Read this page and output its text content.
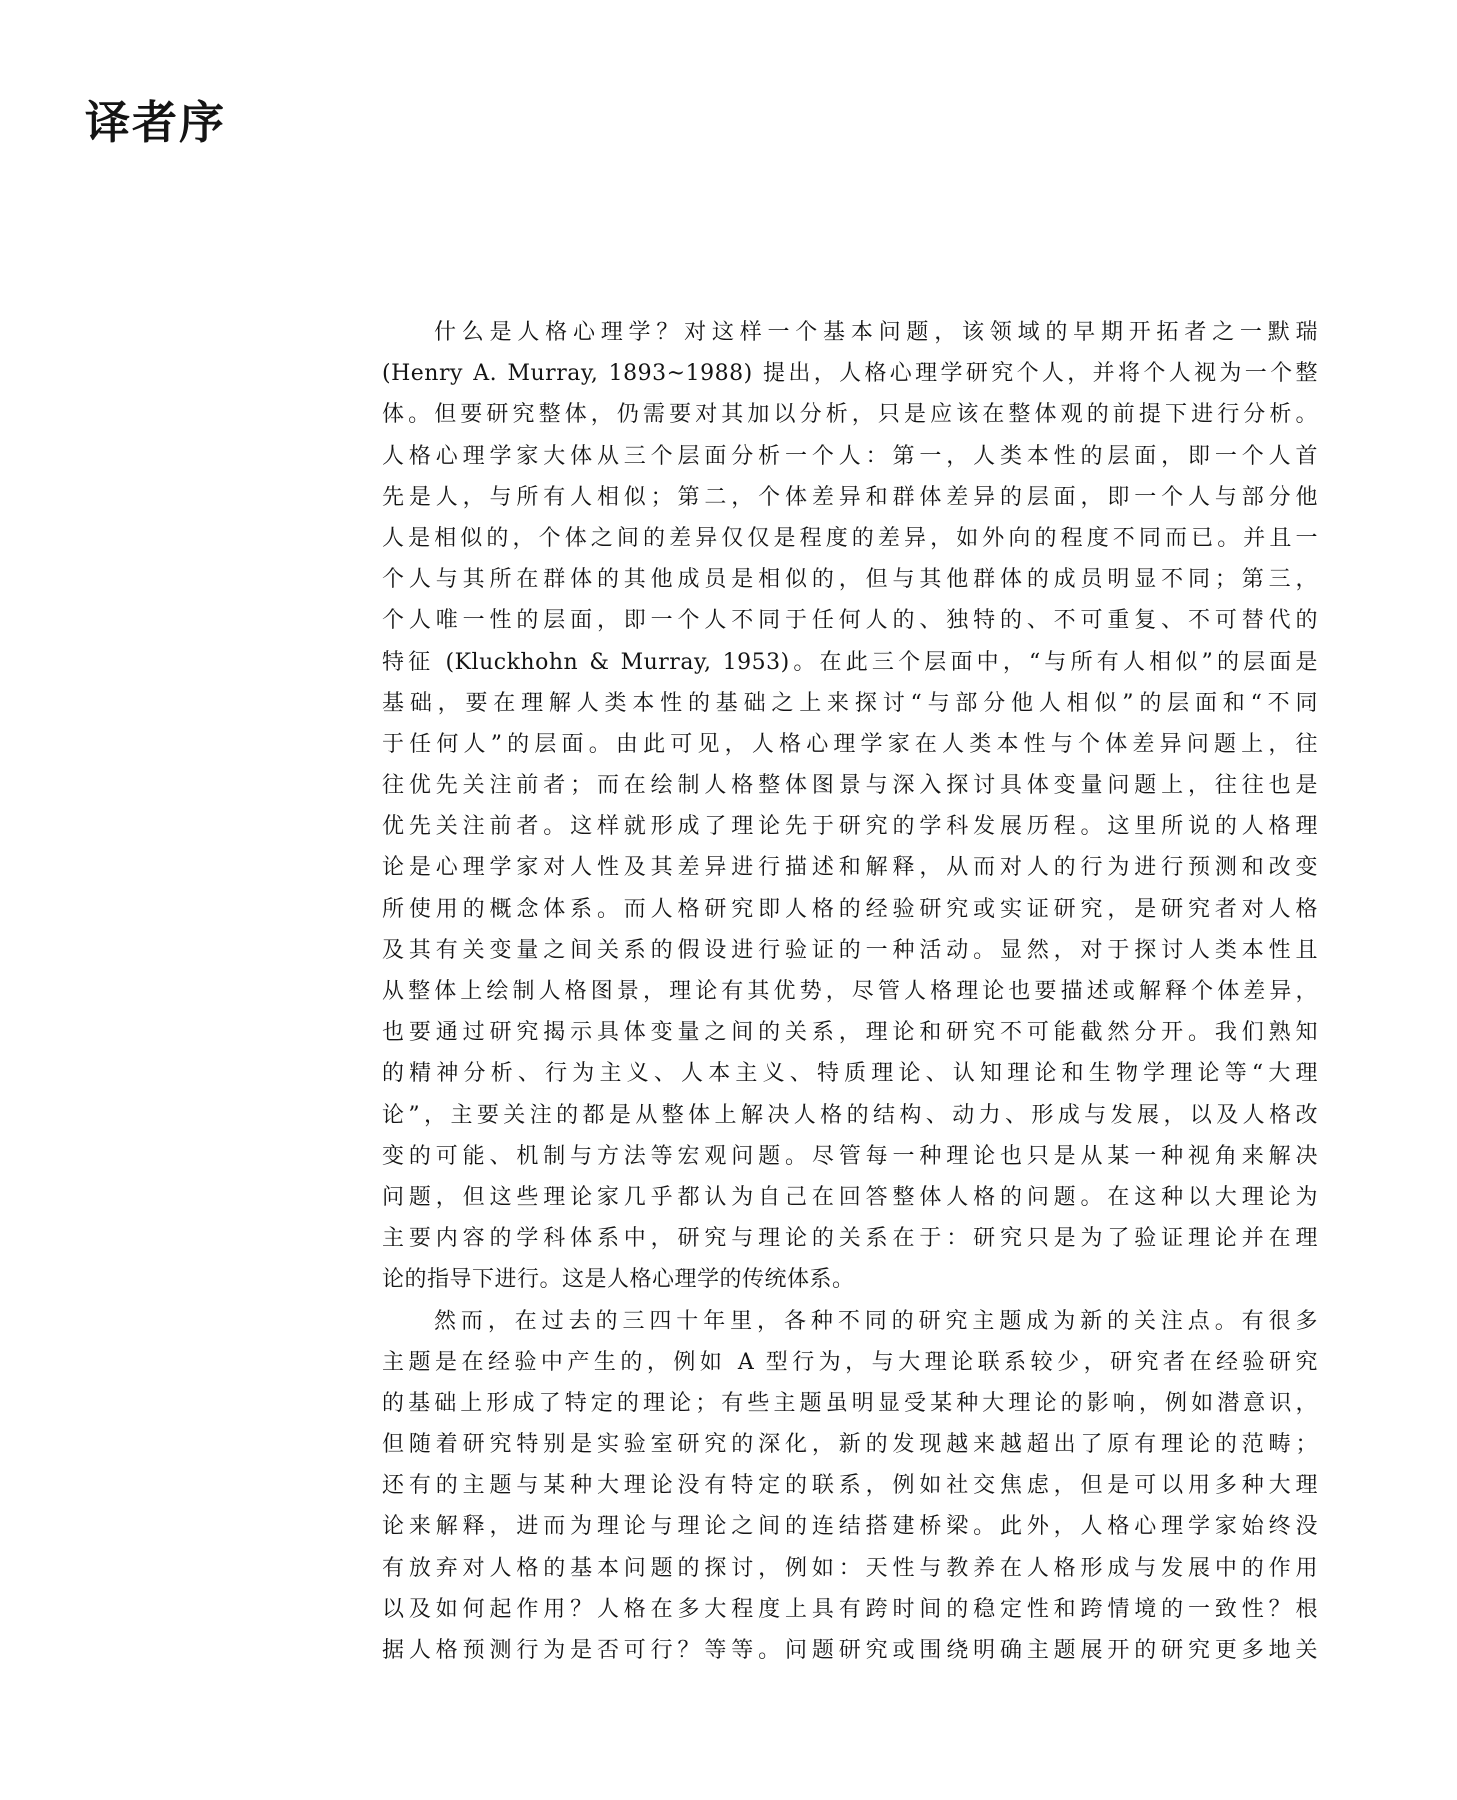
译者序
什么是人格心理学？对这样一个基本问题，该领域的早期开拓者之一默瑞
(Henry A. Murray, 1893~1988) 提出，人格心理学研究个人，并将个人视为一个整
体。但要研究整体，仍需要对其加以分析，只是应该在整体观的前提下进行分析。
人格心理学家大体从三个层面分析一个人：第一，人类本性的层面，即一个人首
先是人，与所有人相似；第二，个体差异和群体差异的层面，即一个人与部分他
人是相似的，个体之间的差异仅仅是程度的差异，如外向的程度不同而已。并且一
个人与其所在群体的其他成员是相似的，但与其他群体的成员明显不同；第三，
个人唯一性的层面，即一个人不同于任何人的、独特的、不可重复、不可替代的
特征 (Kluckhohn & Murray, 1953)。在此三个层面中，“与所有人相似”的层面是
基础，要在理解人类本性的基础之上来探讨“与部分他人相似”的层面和“不同
于任何人”的层面。由此可见，人格心理学家在人类本性与个体差异问题上，往
往优先关注前者；而在绘制人格整体图景与深入探讨具体变量问题上，往往也是
优先关注前者。这样就形成了理论先于研究的学科发展历程。这里所说的人格理
论是心理学家对人性及其差异进行描述和解释，从而对人的行为进行预测和改变
所使用的概念体系。而人格研究即人格的经验研究或实证研究，是研究者对人格
及其有关变量之间关系的假设进行验证的一种活动。显然，对于探讨人类本性且
从整体上绘制人格图景，理论有其优势，尽管人格理论也要描述或解释个体差异，
也要通过研究揭示具体变量之间的关系，理论和研究不可能截然分开。我们熟知
的精神分析、行为主义、人本主义、特质理论、认知理论和生物学理论等“大理
论”，主要关注的都是从整体上解决人格的结构、动力、形成与发展，以及人格改
变的可能、机制与方法等宏观问题。尽管每一种理论也只是从某一种视角来解决
问题，但这些理论家几乎都认为自己在回答整体人格的问题。在这种以大理论为
主要内容的学科体系中，研究与理论的关系在于：研究只是为了验证理论并在理
论的指导下进行。这是人格心理学的传统体系。
然而，在过去的三四十年里，各种不同的研究主题成为新的关注点。有很多
主题是在经验中产生的，例如 A 型行为，与大理论联系较少，研究者在经验研究
的基础上形成了特定的理论；有些主题虽明显受某种大理论的影响，例如潜意识，
但随着研究特别是实验室研究的深化，新的发现越来越超出了原有理论的范畴；
还有的主题与某种大理论没有特定的联系，例如社交焦虑，但是可以用多种大理
论来解释，进而为理论与理论之间的连结搭建桥梁。此外，人格心理学家始终没
有放弃对人格的基本问题的探讨，例如：天性与教养在人格形成与发展中的作用
以及如何起作用？人格在多大程度上具有跨时间的稳定性和跨情境的一致性？根
据人格预测行为是否可行？等等。问题研究或围绕明确主题展开的研究更多地关
